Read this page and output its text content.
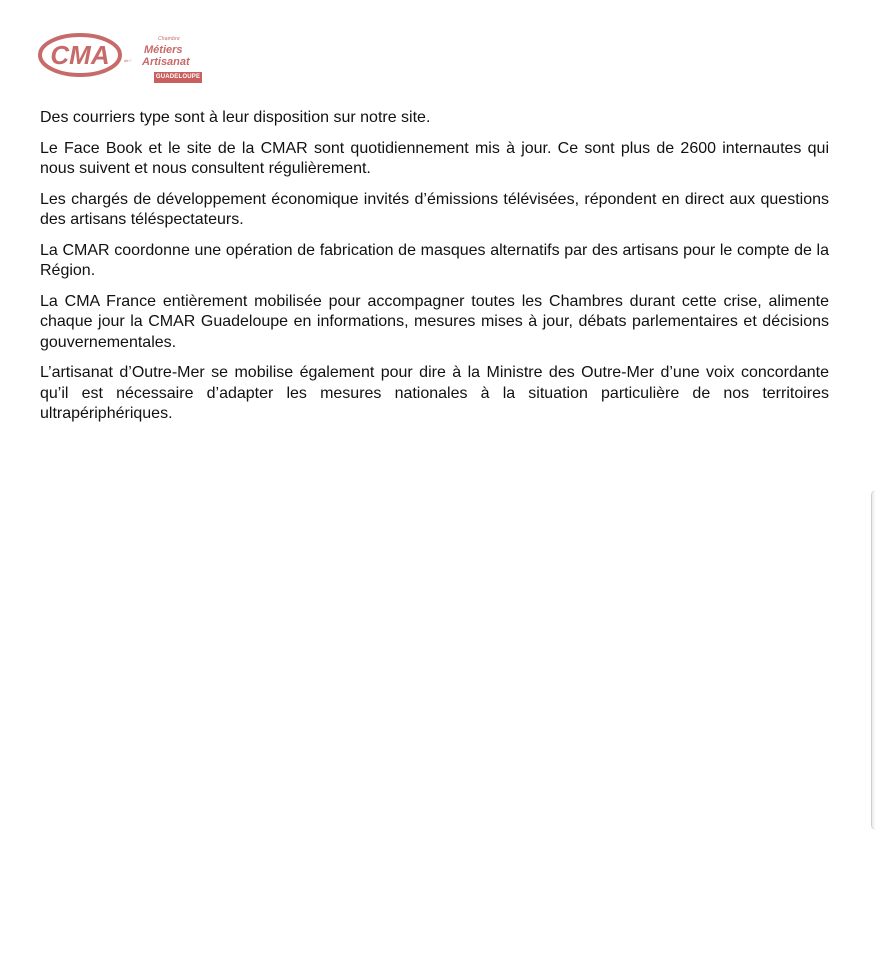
CMA
Chambre
Métiers
de l' Artisanat
GUADELOUPE

Des courriers type sont à leur disposition sur notre site.

Le Face Book et le site de la CMAR sont quotidiennement mis à jour. Ce sont plus de 2600 internautes qui nous suivent et nous consultent régulièrement.

Les chargés de développement économique invités d’émissions télévisées, répondent en direct aux questions des artisans téléspectateurs.

La CMAR coordonne une opération de fabrication de masques alternatifs par des artisans pour le compte de la Région.

La CMA France entièrement mobilisée pour accompagner toutes les Chambres durant cette crise, alimente chaque jour la CMAR Guadeloupe en informations, mesures mises à jour, débats parlementaires et décisions gouvernementales.

L’artisanat d’Outre-Mer se mobilise également pour dire à la Ministre des Outre-Mer d’une voix concordante qu’il est nécessaire d’adapter les mesures nationales à la situation particulière de nos territoires ultrapériphériques.
